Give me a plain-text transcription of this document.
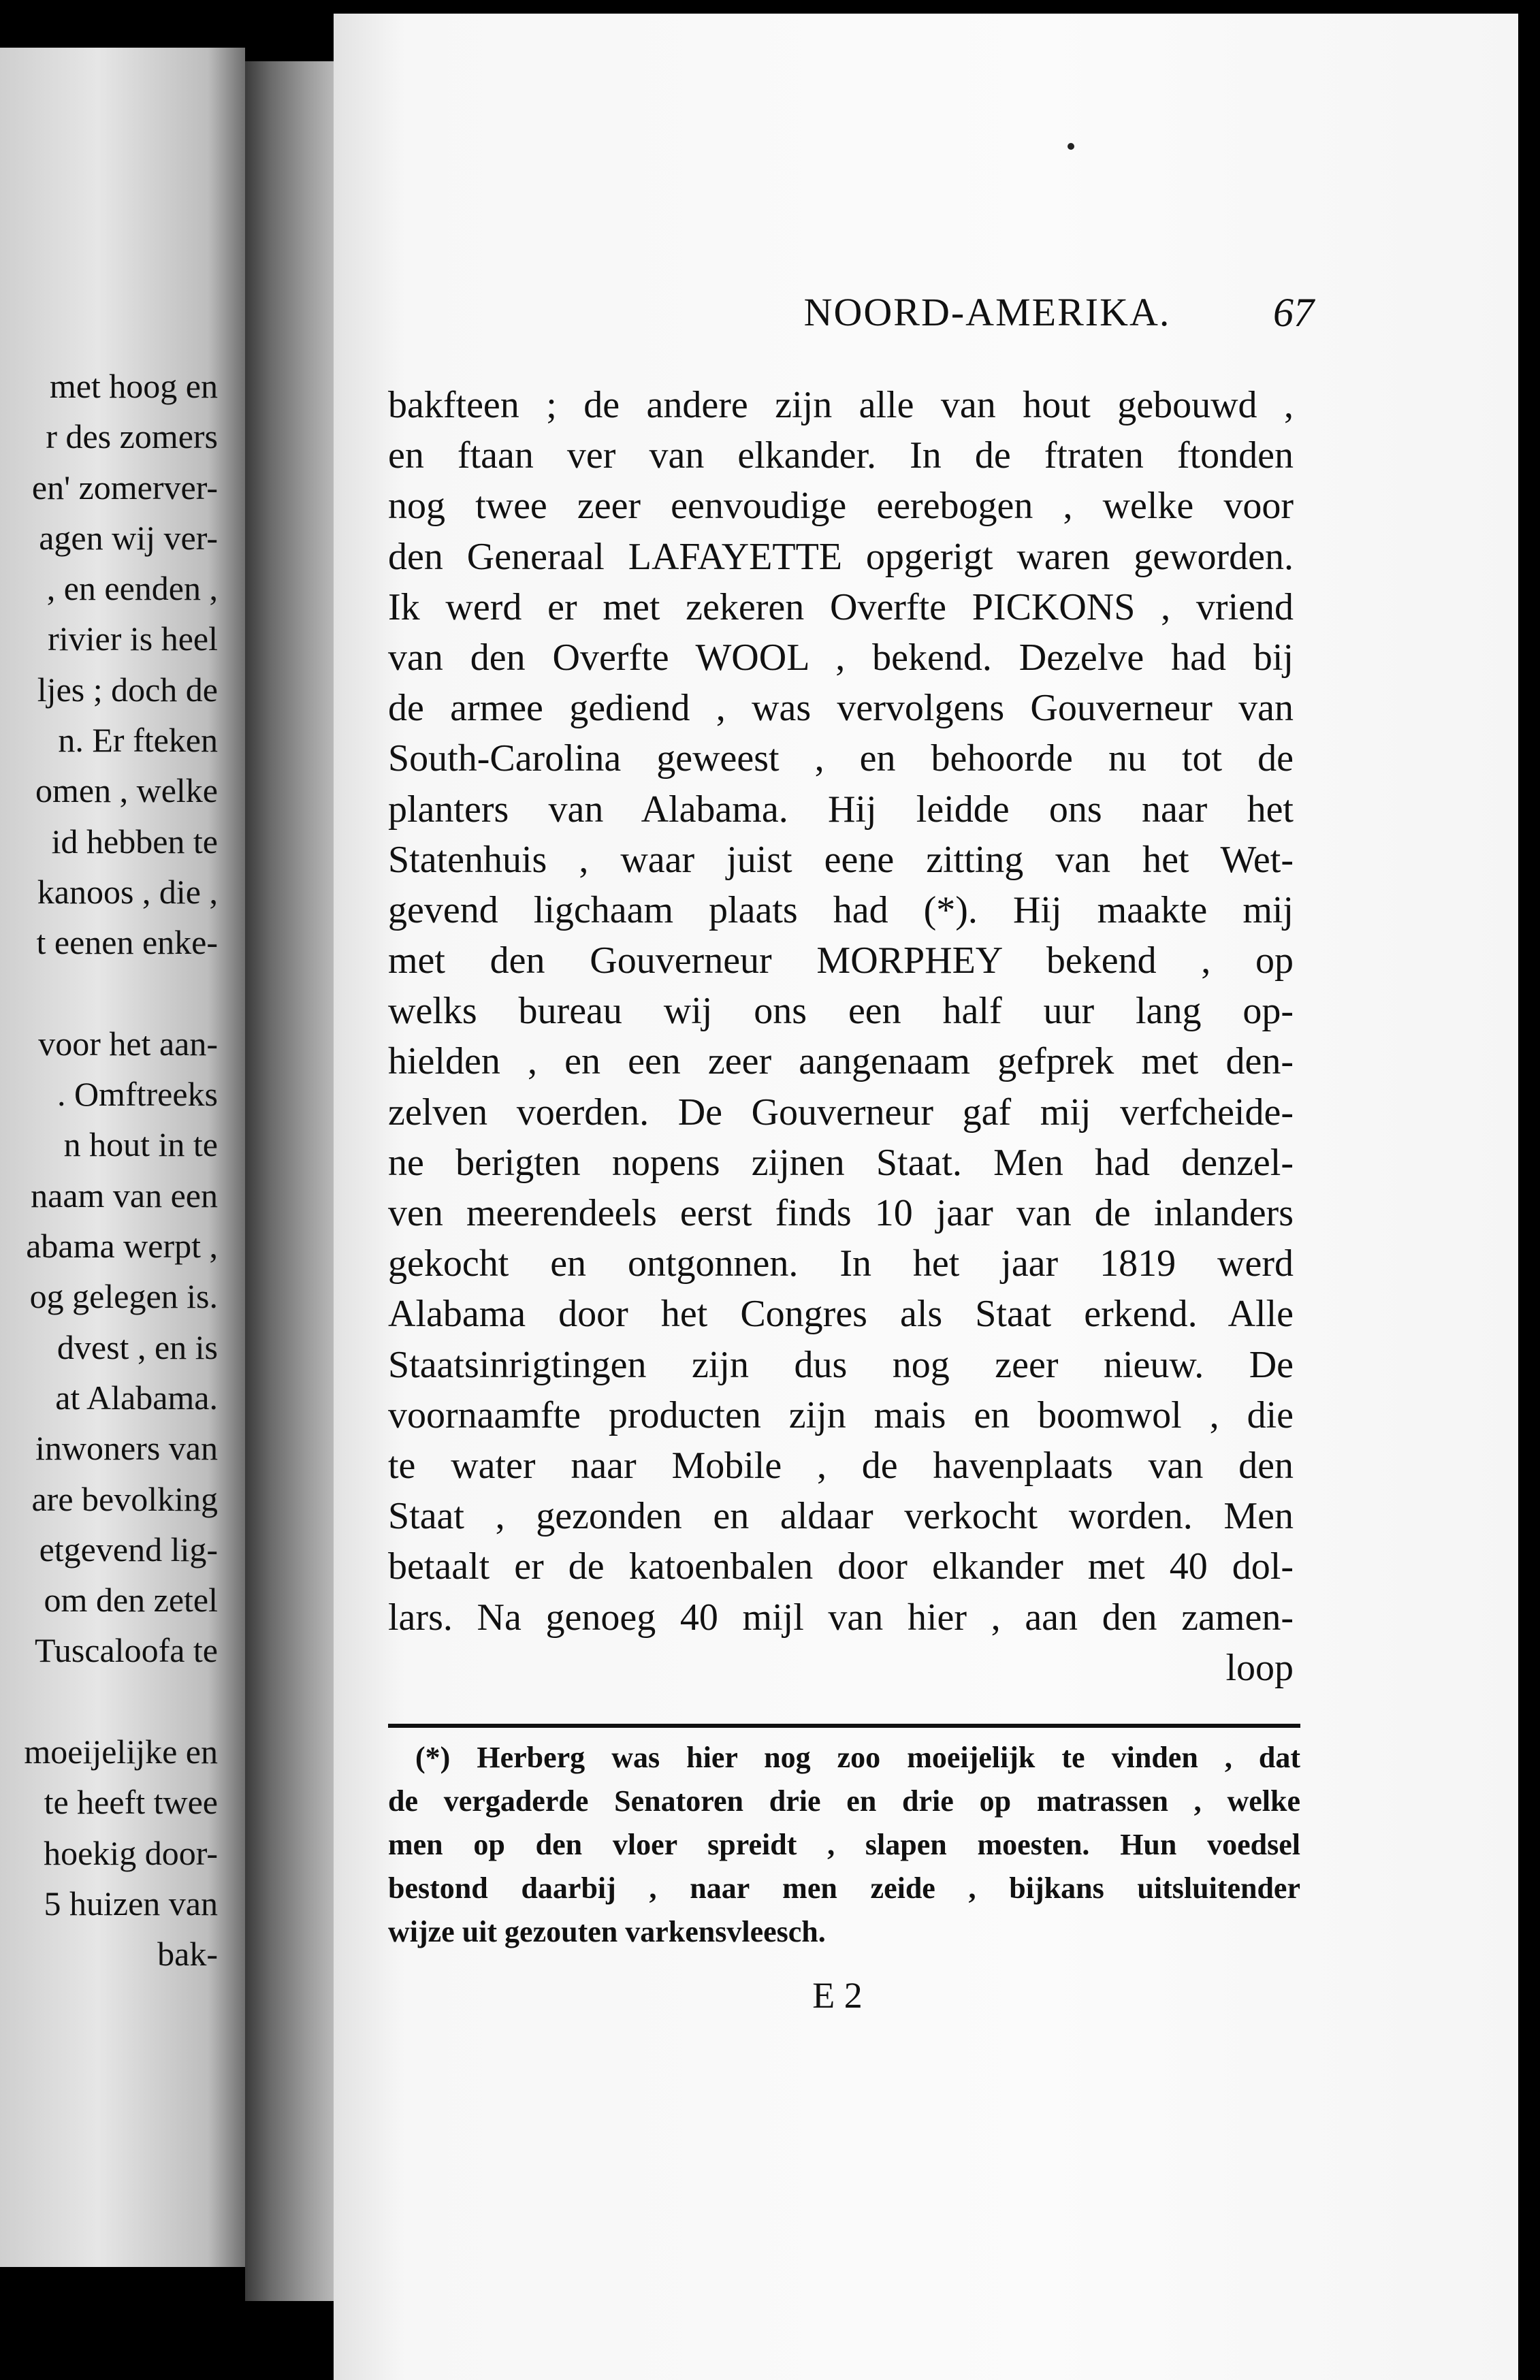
met hoog en
r des zomers
en' zomerver-
agen wij ver-
, en eenden ,
rivier is heel
ljes ; doch de
n. Er fteken
omen , welke
id hebben te
kanoos , die ,
t eenen enke-
voor het aan-
. Omftreeks
n hout in te
naam van een
abama werpt ,
og gelegen is.
dvest , en is
at Alabama.
inwoners van
are bevolking
etgevend lig-
om den zetel
Tuscaloofa te
moeijelijke en
te heeft twee
hoekig door-
5 huizen van
bak-
NOORD-AMERIKA.	67
bakfteen ; de andere zijn alle van hout gebouwd ,
en ftaan ver van elkander. In de ftraten ftonden
nog twee zeer eenvoudige eerebogen , welke voor
den Generaal LAFAYETTE opgerigt waren geworden.
Ik werd er met zekeren Overfte PICKONS , vriend
van den Overfte WOOL , bekend. Dezelve had bij
de armee gediend , was vervolgens Gouverneur van
South-Carolina geweest , en behoorde nu tot de
planters van Alabama. Hij leidde ons naar het
Statenhuis , waar juist eene zitting van het Wet-
gevend ligchaam plaats had (*). Hij maakte mij
met den Gouverneur MORPHEY bekend , op
welks bureau wij ons een half uur lang op-
hielden , en een zeer aangenaam gefprek met den-
zelven voerden. De Gouverneur gaf mij verfcheide-
ne berigten nopens zijnen Staat. Men had denzel-
ven meerendeels eerst finds 10 jaar van de inlanders
gekocht en ontgonnen. In het jaar 1819 werd
Alabama door het Congres als Staat erkend. Alle
Staatsinrigtingen zijn dus nog zeer nieuw. De
voornaamfte producten zijn mais en boomwol , die
te water naar Mobile , de havenplaats van den
Staat , gezonden en aldaar verkocht worden. Men
betaalt er de katoenbalen door elkander met 40 dol-
lars. Na genoeg 40 mijl van hier , aan den zamen-
loop
(*) Herberg was hier nog zoo moeijelijk te vinden , dat
de vergaderde Senatoren drie en drie op matrassen , welke
men op den vloer spreidt , slapen moesten. Hun voedsel
bestond daarbij , naar men zeide , bijkans uitsluitender
wijze uit gezouten varkensvleesch.
E 2
